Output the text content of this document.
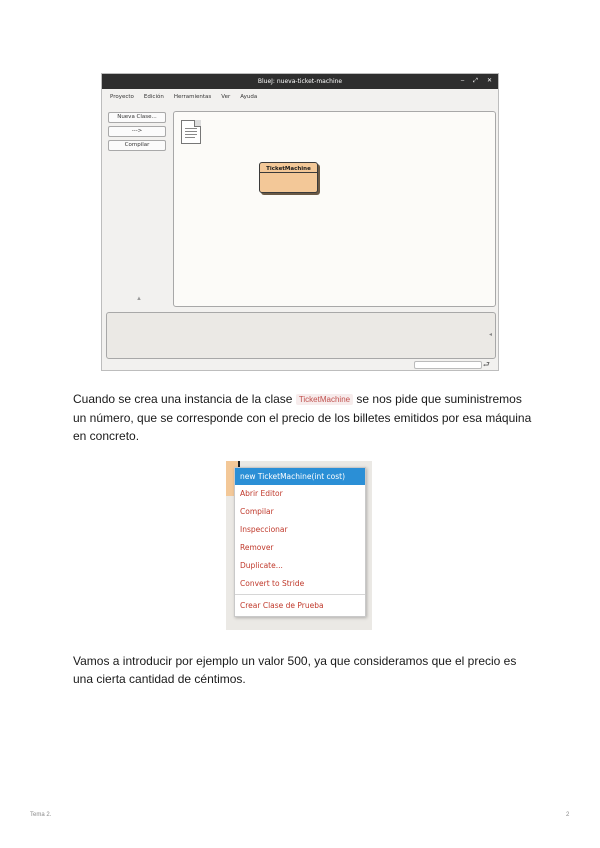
BlueJ: nueva-ticket-machine	– ⤢ ✕
Proyecto Edición Herramientas Ver Ayuda
Nueva Clase...
--->
Compilar
▲
TicketMachine
◂
⮐

Cuando se crea una instancia de la clase TicketMachine se nos pide que suministremos un número, que se corresponde con el precio de los billetes emitidos por esa máquina en concreto.

new TicketMachine(int cost)
Abrir Editor
Compilar
Inspeccionar
Remover
Duplicate...
Convert to Stride
Crear Clase de Prueba

Vamos a introducir por ejemplo un valor 500, ya que consideramos que el precio es una cierta cantidad de céntimos.

Tema 2.	2
